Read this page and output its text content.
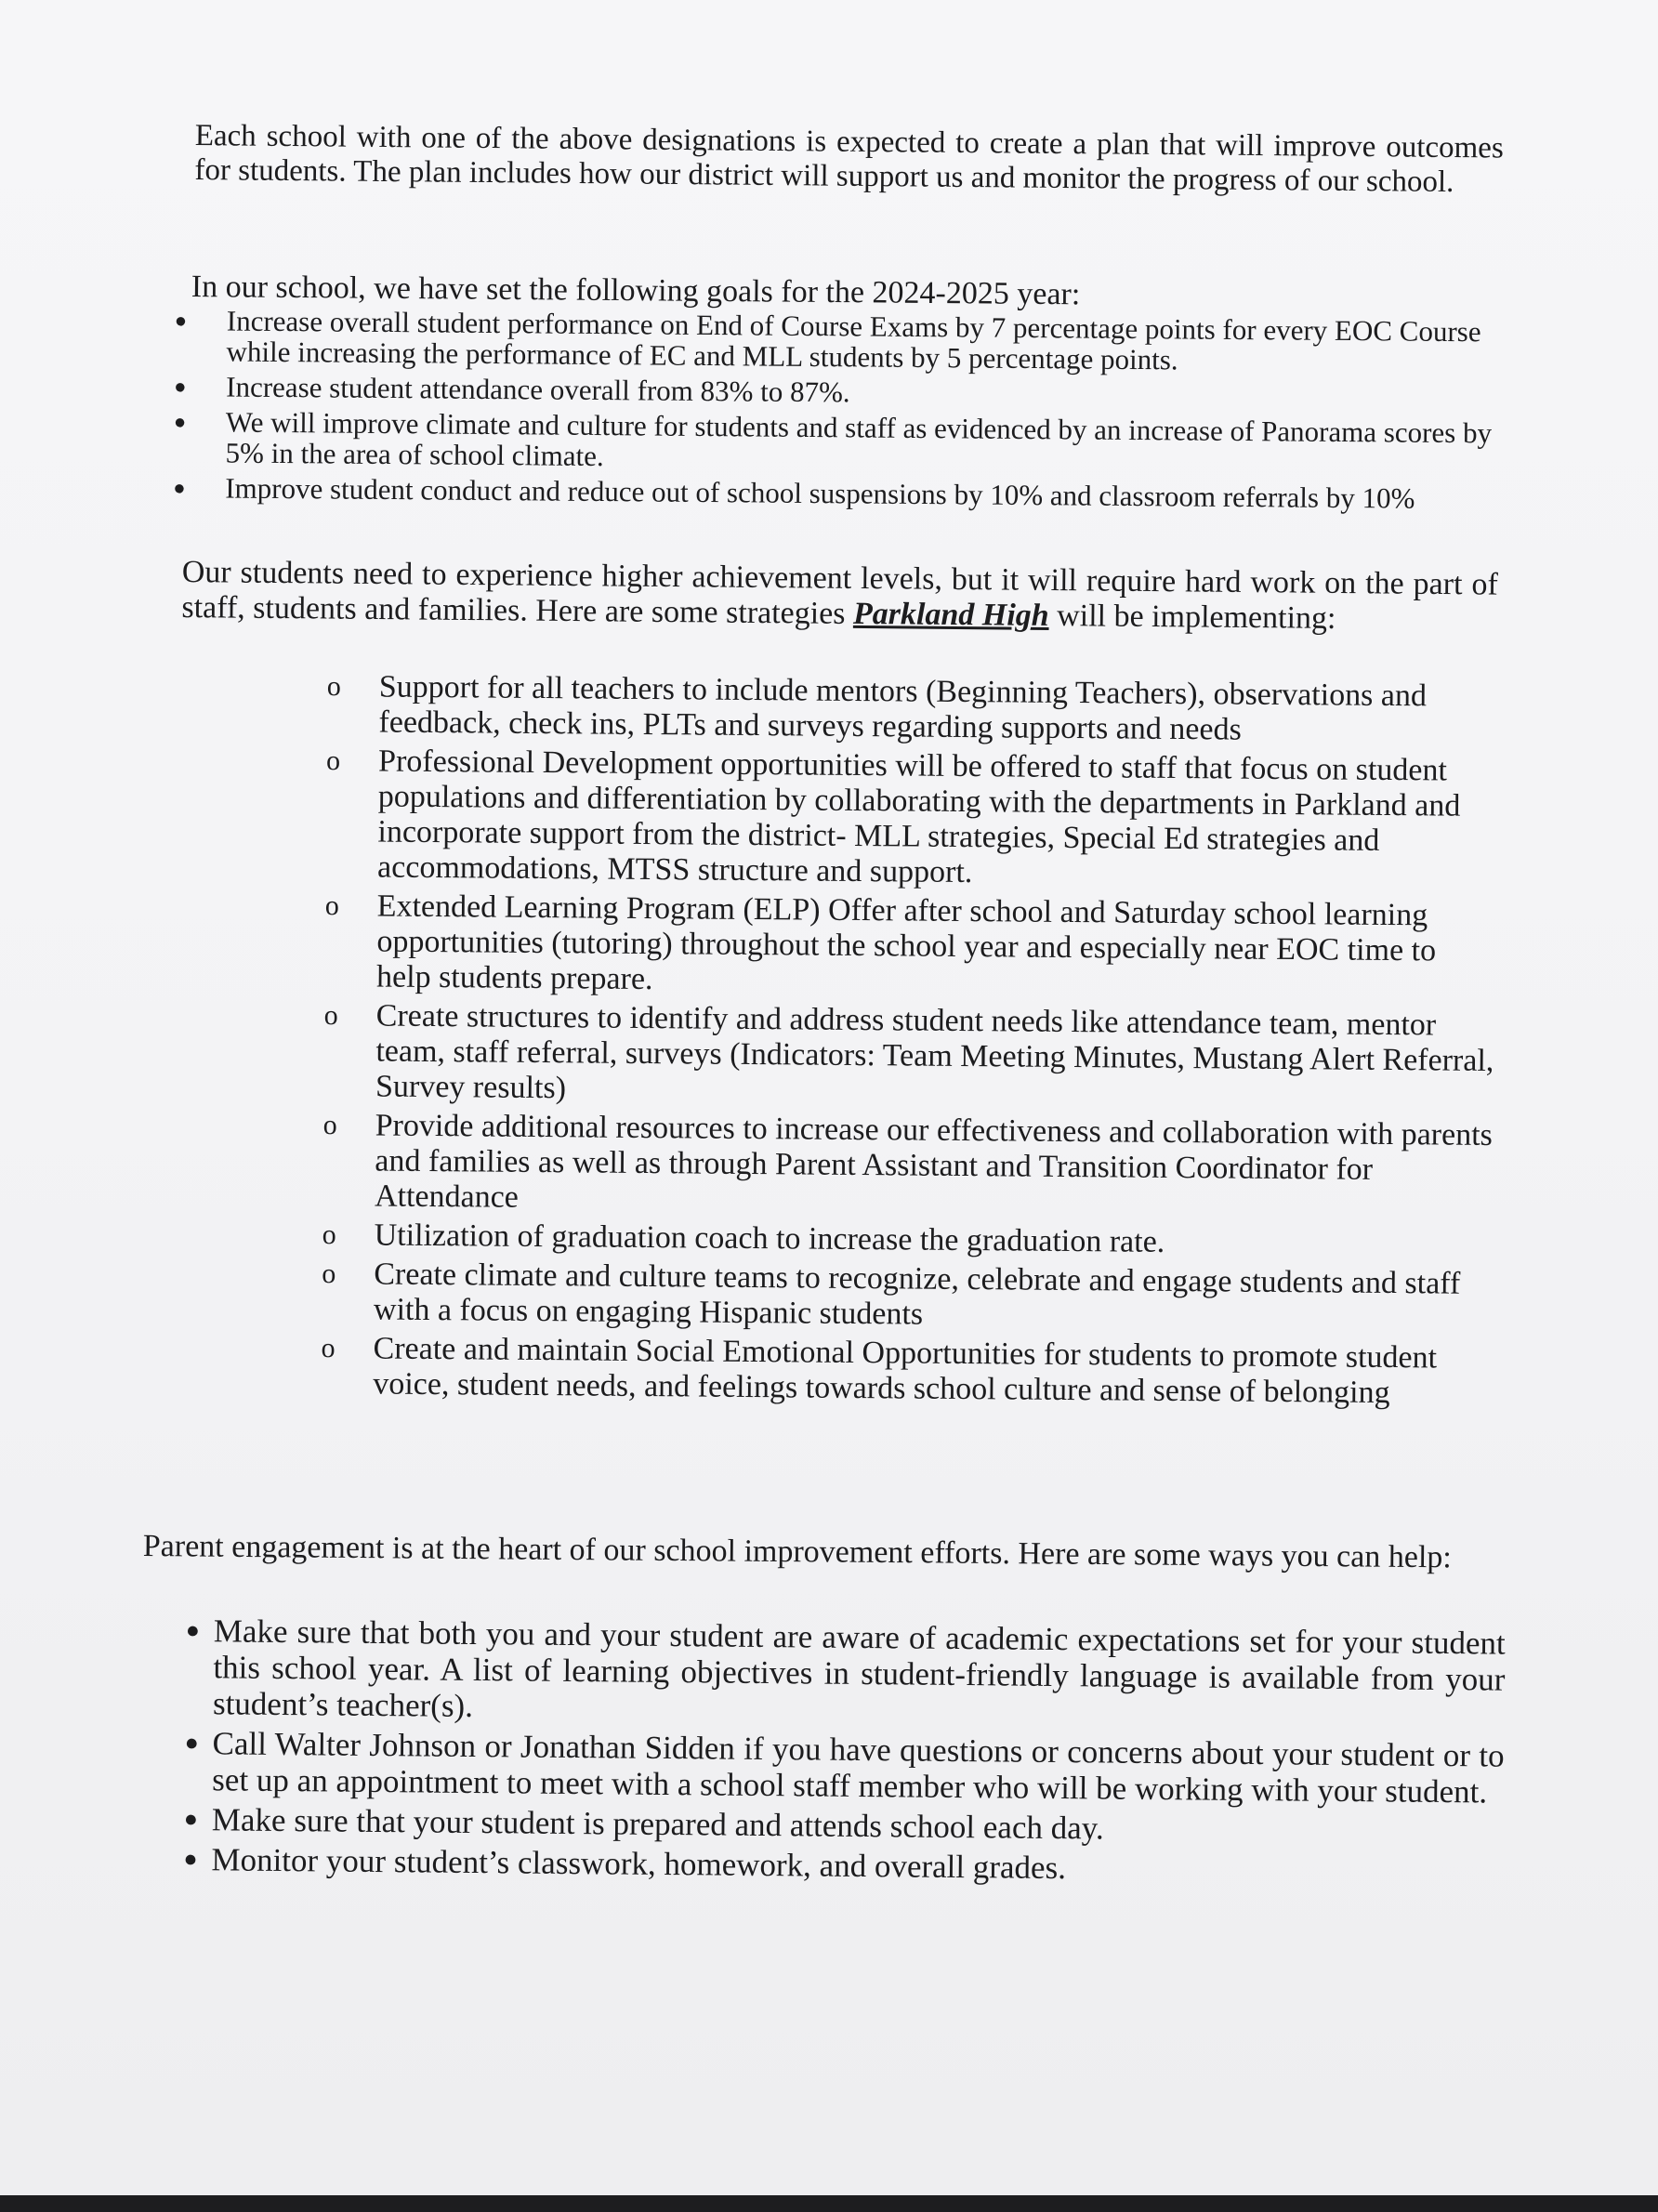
Each school with one of the above designations is expected to create a plan that will improve outcomes for students. The plan includes how our district will support us and monitor the progress of our school.

In our school, we have set the following goals for the 2024-2025 year:
● Increase overall student performance on End of Course Exams by 7 percentage points for every EOC Course while increasing the performance of EC and MLL students by 5 percentage points.
● Increase student attendance overall from 83% to 87%.
● We will improve climate and culture for students and staff as evidenced by an increase of Panorama scores by 5% in the area of school climate.
● Improve student conduct and reduce out of school suspensions by 10% and classroom referrals by 10%

Our students need to experience higher achievement levels, but it will require hard work on the part of staff, students and families. Here are some strategies Parkland High will be implementing:

o Support for all teachers to include mentors (Beginning Teachers), observations and feedback, check ins, PLTs and surveys regarding supports and needs
o Professional Development opportunities will be offered to staff that focus on student populations and differentiation by collaborating with the departments in Parkland and incorporate support from the district- MLL strategies, Special Ed strategies and accommodations, MTSS structure and support.
o Extended Learning Program (ELP) Offer after school and Saturday school learning opportunities (tutoring) throughout the school year and especially near EOC time to help students prepare.
o Create structures to identify and address student needs like attendance team, mentor team, staff referral, surveys (Indicators: Team Meeting Minutes, Mustang Alert Referral, Survey results)
o Provide additional resources to increase our effectiveness and collaboration with parents and families as well as through Parent Assistant and Transition Coordinator for Attendance
o Utilization of graduation coach to increase the graduation rate.
o Create climate and culture teams to recognize, celebrate and engage students and staff with a focus on engaging Hispanic students
o Create and maintain Social Emotional Opportunities for students to promote student voice, student needs, and feelings towards school culture and sense of belonging

Parent engagement is at the heart of our school improvement efforts. Here are some ways you can help:

● Make sure that both you and your student are aware of academic expectations set for your student this school year. A list of learning objectives in student-friendly language is available from your student’s teacher(s).
● Call Walter Johnson or Jonathan Sidden if you have questions or concerns about your student or to set up an appointment to meet with a school staff member who will be working with your student.
● Make sure that your student is prepared and attends school each day.
● Monitor your student’s classwork, homework, and overall grades.
